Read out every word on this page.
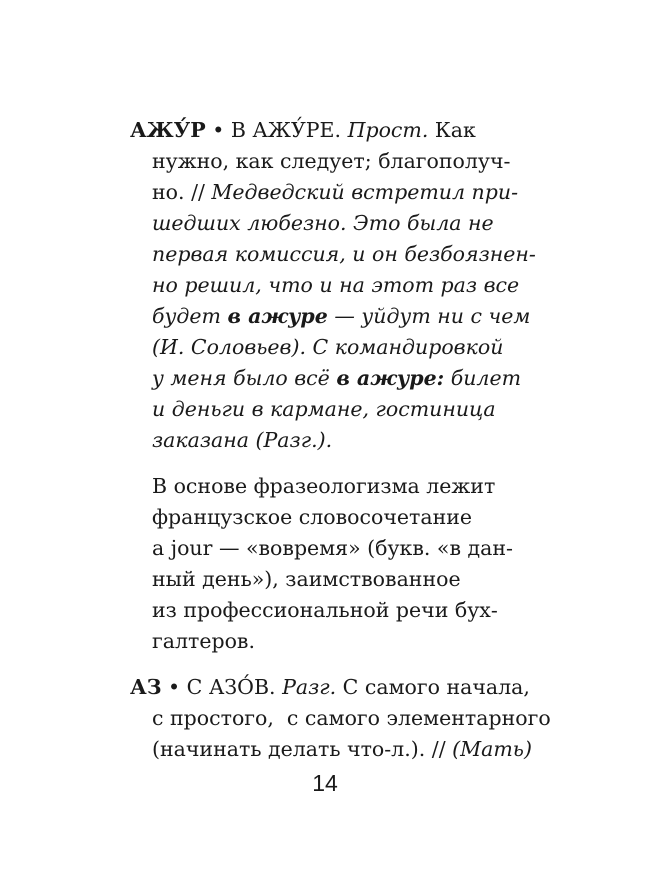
АЖУ́Р • В АЖУ́РЕ. Прост. Как
нужно, как следует; благополуч-
но. // Медведский встретил при-
шедших любезно. Это была не
первая комиссия, и он безбоязнен-
но решил, что и на этот раз все
будет в ажуре — уйдут ни с чем
(И. Соловьев). С командировкой
у меня было всё в ажуре: билет
и деньги в кармане, гостиница
заказана (Разг.).
В основе фразеологизма лежит
французское словосочетание
a jour — «вовремя» (букв. «в дан-
ный день»), заимствованное
из профессиональной речи бух-
галтеров.
АЗ • С АЗО́В. Разг. С самого начала,
с простого,  с самого элементарного
(начинать делать что-л.). // (Мать)
14
